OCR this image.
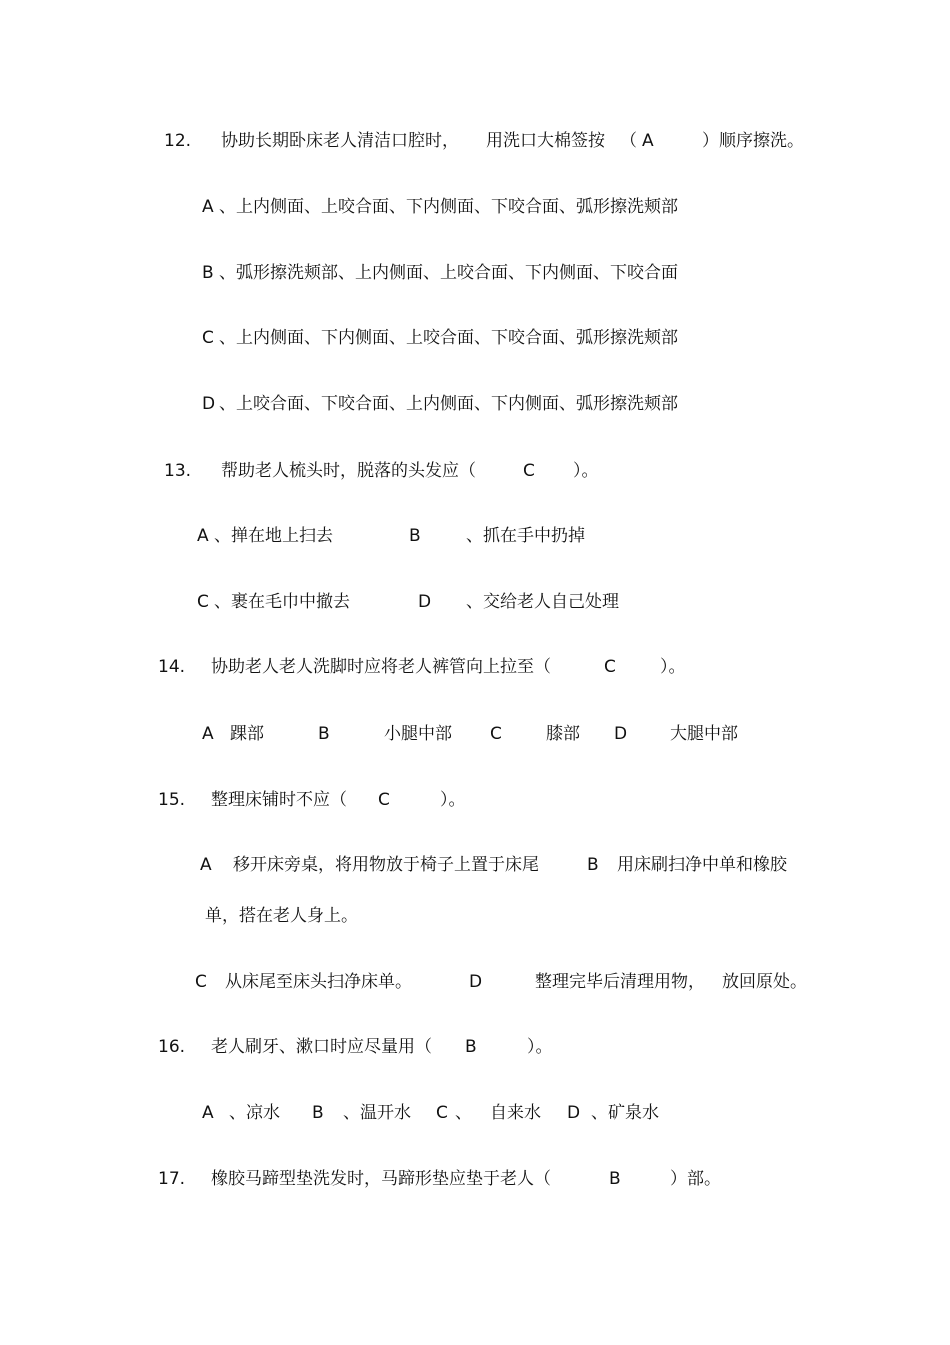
12. 协助长期卧床老人清洁口腔时， 用洗口大棉签按 （ A	）顺序擦洗。
A 、上内侧面、上咬合面、下内侧面、下咬合面、弧形擦洗颊部
B 、弧形擦洗颊部、上内侧面、上咬合面、下内侧面、下咬合面
C 、上内侧面、下内侧面、上咬合面、下咬合面、弧形擦洗颊部
D 、上咬合面、下咬合面、上内侧面、下内侧面、弧形擦洗颊部
13. 帮助老人梳头时，脱落的头发应（	C ）。
A 、掸在地上扫去	B	、抓在手中扔掉
C 、裹在毛巾中撤去	D 、交给老人自己处理
14. 协助老人老人洗脚时应将老人裤管向上拉至（	C	）。
A 踝部	B	小腿中部 C	膝部 D	大腿中部
15. 整理床铺时不应（ C	）。
A 移开床旁桌，将用物放于椅子上置于床尾	B 用床刷扫净中单和橡胶
单，搭在老人身上。
C 从床尾至床头扫净床单。	D	整理完毕后清理用物， 放回原处。
16. 老人刷牙、漱口时应尽量用（ B	）。
A 、凉水 B 、温开水 C 、 自来水 D 、矿泉水
17. 橡胶马蹄型垫洗发时，马蹄形垫应垫于老人（	B	）部。
